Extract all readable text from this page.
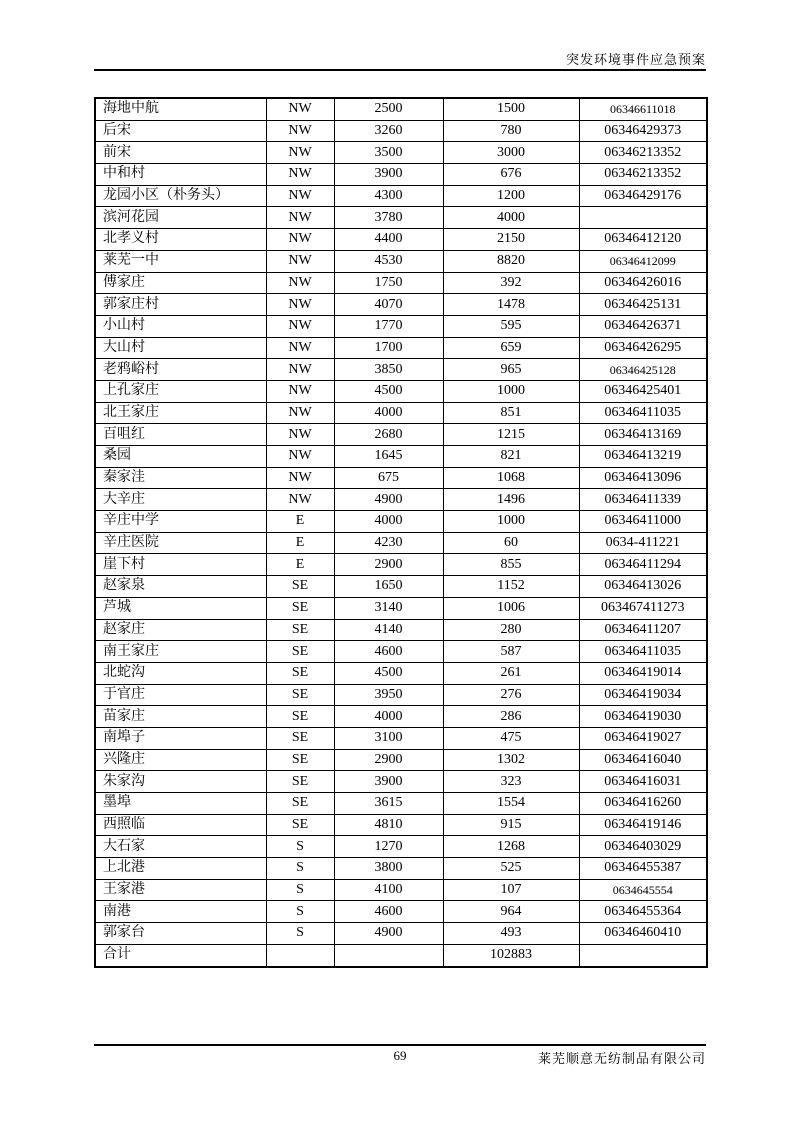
突发环境事件应急预案
海地中航	NW	2500	1500	06346611018
后宋	NW	3260	780	06346429373
前宋	NW	3500	3000	06346213352
中和村	NW	3900	676	06346213352
龙园小区（朴务头）	NW	4300	1200	06346429176
滨河花园	NW	3780	4000	
北孝义村	NW	4400	2150	06346412120
莱芜一中	NW	4530	8820	06346412099
傅家庄	NW	1750	392	06346426016
郭家庄村	NW	4070	1478	06346425131
小山村	NW	1770	595	06346426371
大山村	NW	1700	659	06346426295
老鸦峪村	NW	3850	965	06346425128
上孔家庄	NW	4500	1000	06346425401
北王家庄	NW	4000	851	06346411035
百咀红	NW	2680	1215	06346413169
桑园	NW	1645	821	06346413219
秦家洼	NW	675	1068	06346413096
大辛庄	NW	4900	1496	06346411339
辛庄中学	E	4000	1000	06346411000
辛庄医院	E	4230	60	0634-411221
崖下村	E	2900	855	06346411294
赵家泉	SE	1650	1152	06346413026
芦城	SE	3140	1006	063467411273
赵家庄	SE	4140	280	06346411207
南王家庄	SE	4600	587	06346411035
北蛇沟	SE	4500	261	06346419014
于官庄	SE	3950	276	06346419034
苗家庄	SE	4000	286	06346419030
南埠子	SE	3100	475	06346419027
兴隆庄	SE	2900	1302	06346416040
朱家沟	SE	3900	323	06346416031
墨埠	SE	3615	1554	06346416260
西照临	SE	4810	915	06346419146
大石家	S	1270	1268	06346403029
上北港	S	3800	525	06346455387
王家港	S	4100	107	0634645554
南港	S	4600	964	06346455364
郭家台	S	4900	493	06346460410
合计			102883	
69	莱芜顺意无纺制品有限公司
